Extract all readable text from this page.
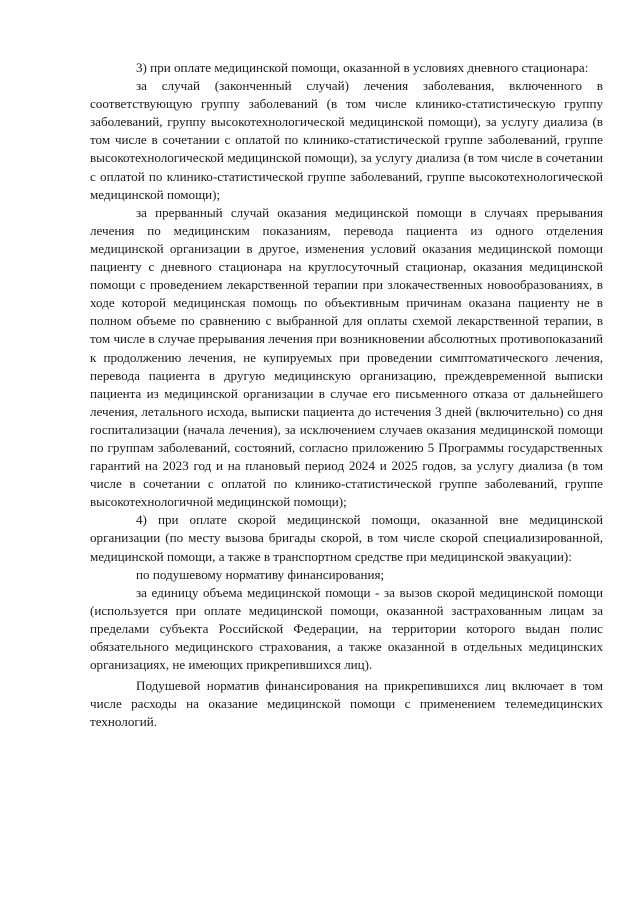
3) при оплате медицинской помощи, оказанной в условиях дневного стационара:

за случай (законченный случай) лечения заболевания, включенного в соответствующую группу заболеваний (в том числе клинико-статистическую группу заболеваний, группу высокотехнологической медицинской помощи), за услугу диализа (в том числе в сочетании с оплатой по клинико-статистической группе заболеваний, группе высокотехнологической медицинской помощи), за услугу диализа (в том числе в сочетании с оплатой по клинико-статистической группе заболеваний, группе высокотехнологической медицинской помощи);

за прерванный случай оказания медицинской помощи в случаях прерывания лечения по медицинским показаниям, перевода пациента из одного отделения медицинской организации в другое, изменения условий оказания медицинской помощи пациенту с дневного стационара на круглосуточный стационар, оказания медицинской помощи с проведением лекарственной терапии при злокачественных новообразованиях, в ходе которой медицинская помощь по объективным причинам оказана пациенту не в полном объеме по сравнению с выбранной для оплаты схемой лекарственной терапии, в том числе в случае прерывания лечения при возникновении абсолютных противопоказаний к продолжению лечения, не купируемых при проведении симптоматического лечения, перевода пациента в другую медицинскую организацию, преждевременной выписки пациента из медицинской организации в случае его письменного отказа от дальнейшего лечения, летального исхода, выписки пациента до истечения 3 дней (включительно) со дня госпитализации (начала лечения), за исключением случаев оказания медицинской помощи по группам заболеваний, состояний, согласно приложению 5 Программы государственных гарантий на 2023 год и на плановый период 2024 и 2025 годов, за услугу диализа (в том числе в сочетании с оплатой по клинико-статистической группе заболеваний, группе высокотехнологичной медицинской помощи);

4) при оплате скорой медицинской помощи, оказанной вне медицинской организации (по месту вызова бригады скорой, в том числе скорой специализированной, медицинской помощи, а также в транспортном средстве при медицинской эвакуации):

по подушевому нормативу финансирования;

за единицу объема медицинской помощи - за вызов скорой медицинской помощи (используется при оплате медицинской помощи, оказанной застрахованным лицам за пределами субъекта Российской Федерации, на территории которого выдан полис обязательного медицинского страхования, а также оказанной в отдельных медицинских организациях, не имеющих прикрепившихся лиц).

Подушевой норматив финансирования на прикрепившихся лиц включает в том числе расходы на оказание медицинской помощи с применением телемедицинских технологий.
